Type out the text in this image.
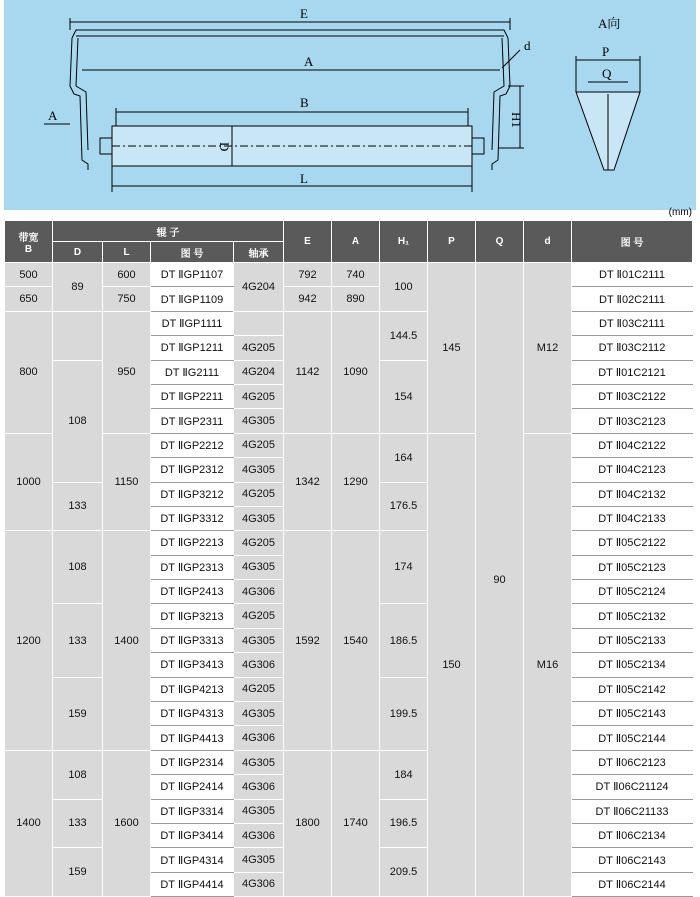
E
A
B
L
d
D
H1
A
A向
P
Q
(mm)
带宽
B	辊 子				E	A	H₁	P	Q	d	图 号
	D	L	图 号	轴承							
500	89	600	DT ⅡGP1107	4G204	792	740	100	145	90	M12	DT Ⅱ01C2111
650		750	DT ⅡGP1109		942	890					DT Ⅱ02C2111
800		950	DT ⅡGP1111		1142	1090	144.5				DT Ⅱ03C2111
			DT ⅡGP1211	4G205							DT Ⅱ03C2112
	108		DT ⅡG2111	4G204			154				DT Ⅱ01C2121
			DT ⅡGP2211	4G205							DT Ⅱ03C2122
			DT ⅡGP2311	4G305							DT Ⅱ03C2123
1000		1150	DT ⅡGP2212	4G205	1342	1290	164	150		M16	DT Ⅱ04C2122
			DT ⅡGP2312	4G305							DT Ⅱ04C2123
	133		DT ⅡGP3212	4G205			176.5				DT Ⅱ04C2132
			DT ⅡGP3312	4G305							DT Ⅱ04C2133
1200	108	1400	DT ⅡGP2213	4G205	1592	1540	174				DT Ⅱ05C2122
			DT ⅡGP2313	4G305							DT Ⅱ05C2123
			DT ⅡGP2413	4G306							DT Ⅱ05C2124
	133		DT ⅡGP3213	4G205			186.5				DT Ⅱ05C2132
			DT ⅡGP3313	4G305							DT Ⅱ05C2133
			DT ⅡGP3413	4G306							DT Ⅱ05C2134
	159		DT ⅡGP4213	4G205			199.5				DT Ⅱ05C2142
			DT ⅡGP4313	4G305							DT Ⅱ05C2143
			DT ⅡGP4413	4G306							DT Ⅱ05C2144
1400	108	1600	DT ⅡGP2314	4G305	1800	1740	184				DT Ⅱ06C2123
			DT ⅡGP2414	4G306							DT Ⅱ06C21124
	133		DT ⅡGP3314	4G305			196.5				DT Ⅱ06C21133
			DT ⅡGP3414	4G306							DT Ⅱ06C2134
	159		DT ⅡGP4314	4G305			209.5				DT Ⅱ06C2143
			DT ⅡGP4414	4G306							DT Ⅱ06C2144
